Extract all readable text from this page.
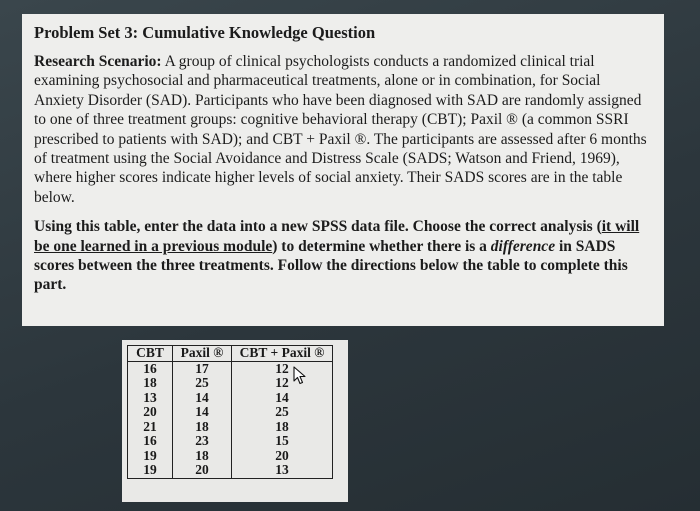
Problem Set 3: Cumulative Knowledge Question

Research Scenario: A group of clinical psychologists conducts a randomized clinical trial examining psychosocial and pharmaceutical treatments, alone or in combination, for Social Anxiety Disorder (SAD). Participants who have been diagnosed with SAD are randomly assigned to one of three treatment groups: cognitive behavioral therapy (CBT); Paxil ® (a common SSRI prescribed to patients with SAD); and CBT + Paxil ®. The participants are assessed after 6 months of treatment using the Social Avoidance and Distress Scale (SADS; Watson and Friend, 1969), where higher scores indicate higher levels of social anxiety. Their SADS scores are in the table below.

Using this table, enter the data into a new SPSS data file. Choose the correct analysis (it will be one learned in a previous module) to determine whether there is a difference in SADS scores between the three treatments. Follow the directions below the table to complete this part.

CBT	Paxil ®	CBT + Paxil ®
16	17	12
18	25	12
13	14	14
20	14	25
21	18	18
16	23	15
19	18	20
19	20	13
